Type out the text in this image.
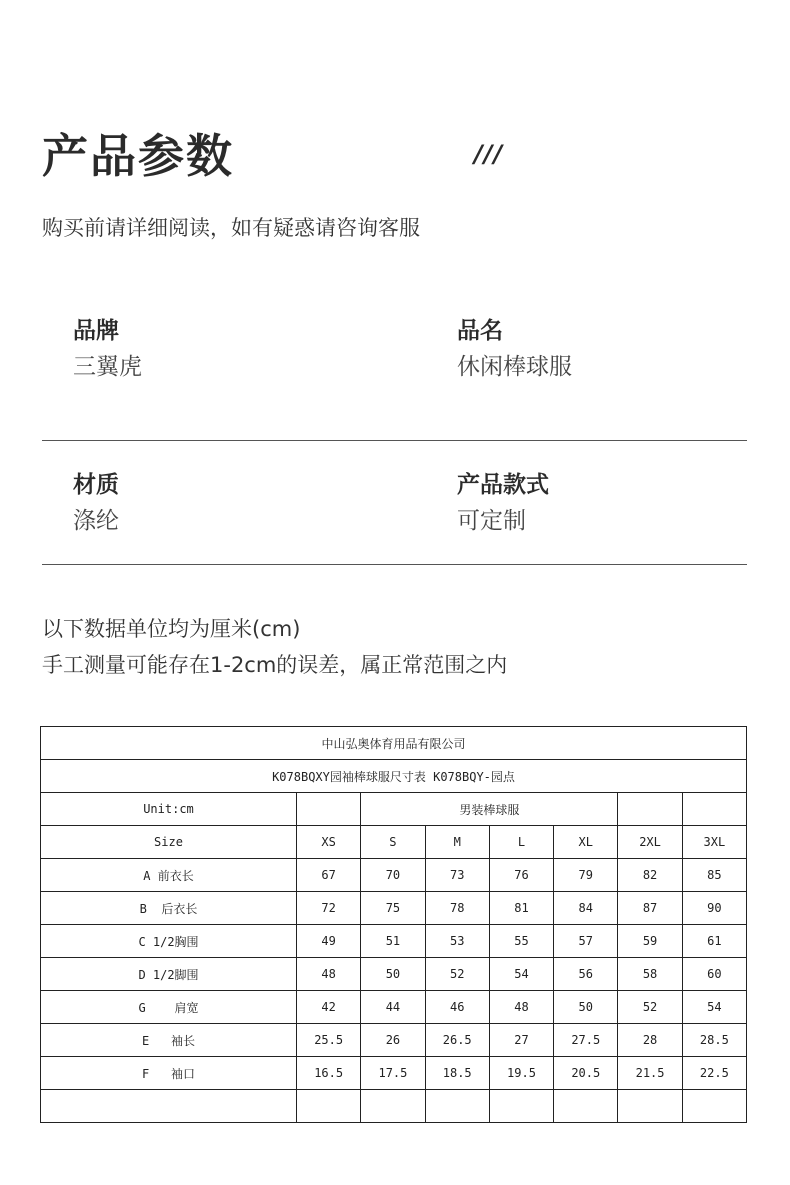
产品参数	///
购买前请详细阅读，如有疑惑请咨询客服
品牌
三翼虎
品名
休闲棒球服
材质
涤纶
产品款式
可定制
以下数据单位均为厘米(cm)
手工测量可能存在1-2cm的误差，属正常范围之内
中山弘奥体育用品有限公司							
K078BQXY园袖棒球服尺寸表 K078BQY-园点							
Unit:cm		男装棒球服					
Size	XS	S	M	L	XL	2XL	3XL
A 前衣长	67	70	73	76	79	82	85
B  后衣长	72	75	78	81	84	87	90
C 1/2胸围	49	51	53	55	57	59	61
D 1/2脚围	48	50	52	54	56	58	60
G    肩宽	42	44	46	48	50	52	54
E   袖长	25.5	26	26.5	27	27.5	28	28.5
F   袖口	16.5	17.5	18.5	19.5	20.5	21.5	22.5
